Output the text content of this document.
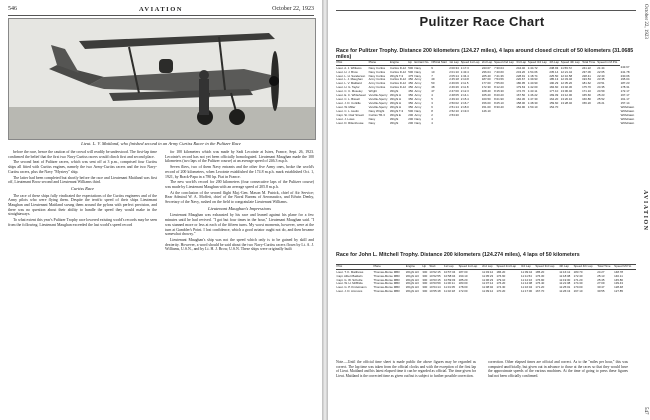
546	AVIATION	October 22, 1923
Lieut. L. V. Maitland, who finished second in an Army Curtiss Racer in the Pulitzer Race

before the race, hence the caution of the crowd will readily be understood. The first-lap time confirmed the belief that the first two Navy Curtiss racers would clinch first and second place.

The second heat of Pulitzer racers, which was sent off at 3 p.m., comprised four Curtiss ships all fitted with Curtiss engines, namely the two Army-Curtiss racers and the two Navy-Curtiss racers, plus the Navy "Mystery" ship.

The latter had been completed but shortly before the race and Lieutenant Maitland was first off, Lieutenant Brow second and Lieutenant Williams third.

Curtiss Race

The race of these ships fully vindicated the expectations of the Curtiss engineers and of the Army pilots who were flying them. Despite the terrific speed of their ships Lieutenant Maughan and Lieutenant Maitland swung them around the pylons with perfect precision, and there was no question about their ability to handle the speed they would make in the straightaways.

To what extent this year's Pulitzer Trophy race lowered existing world's records may be seen from the following. Lieutenant Maughan exceeded the last world's speed record

for 100 kilometers which was made by Sadi Lecointe at Istres, France, Sept. 26, 1923. Lecointe's record has not yet been officially homologated. Lieutenant Maughan made the 100 kilometers (two laps of the Pulitzer course) at an average speed of 246.3 m.p.h.

Seven fliers, two of them Navy entrants and the other five Army ones, broke the world's record of 200 kilometers, when Lecointe established the 174.8 m.p.h. mark established Oct. 1, 1921, by Brack-Papa in a 780 hp. Fiat in France.

The new world's record for 200 kilometers (four consecutive laps of the Pulitzer course) was made by Lieutenant Maughan with an average speed of 205.8 m.p.h.

At the conclusion of the second flight Maj.-Gen. Mason M. Patrick, chief of Air Service; Rear Admiral W. A. Moffett, chief of the Naval Bureau of Aeronautics, and Edwin Denby, Secretary of the Navy, rushed on the field to congratulate Lieutenant Williams.

Lieutenant Maughan's Impressions

Lieutenant Maughan was exhausted by his race and leaned against his plane for a few minutes until he had revived. "I got but four times in the hour," Lieutenant Maughan said. "I was stunned more or less at each of the fifteen turns. My worst moments, however, were at the turn at Gambler's Point. I lost confidence, which a good aviator ought not do, and then became somewhat drowsy."

Lieutenant Maughan's ship was not the speed which only is to be gained by skill and dexterity. However, a word should be said about the two Navy-Curtiss racers flown by Lt. A. J. Williams, U.S.N., and by Lt. H. J. Brow, U.S.N. These ships were originally built

October 22, 1923
AVIATION
547
Pulitzer Race Chart
Race for Pulitzer Trophy. Distance 200 kilometers (124.27 miles), 4 laps around closed circuit of 50 kilometers (31.0685 miles)
Pilot	Plane	Engine	Hp	Entrant No.	Official Start	1st Lap	Speed 1st Lap	2nd Lap	Speed 2nd Lap	3rd Lap	Speed 3rd Lap	4th Lap	Speed 4th Lap	Total Time	Speed in M.P.H.	
Lieut. A. J. Williams	Navy Curtiss	Curtiss D-12	500	Navy	9	2:00:34	1:17.3	243.07	7:30.04	244.40	1:44.72	238.93	11:59.72	241.22	21:44	243.67
Lieut. H. J. Brow	Navy Curtiss	Curtiss D-12	500	Navy	10	2:01:10	1:43.4	236.04	7:40.60	243.20	1:54.06	235.14	12:21.42	237.06	22:05	241.78
Lieut. L. H. Sanderson	Navy Curtiss	Wright T-3	475	Navy	7	2:05:14	1:34.4	225.40	7:41.36	228.91	1:18.74	225.50	12:10.58	228.41	22:40	230.06
Lieut. L. J. Maughan	Army Curtiss	Curtiss D-12	450	Army	49	2:45:18	2:10.8	187.00	7:54.56	220.67	1:39.93	185.13	12:33.46	193.53	23:35	195.04
Lieut. L. V. Maitland	Army Curtiss	Curtiss D-12	450	Army	50	2:46:06	2:11.5	177.00	7:55.60	180.95	1:40.90	190.29	12:35.20	181.62	23:51	187.23
Lieut. H. G. Taylor	Army Curtiss	Curtiss D-12	450	Army	48	2:46:26	2:11.8	172.30	8:12.20	179.63	1:42.00	184.60	13:02.30	175.70	24:35	178.31
Lieut. C. C. Moseley	Wright	Wright	450	Army	47	2:47:00	2:12.3	168.40	8:15.30	172.70	1:43.11	177.10	13:06.40	171.10	24:59	172.17
Lieut. E. C. Whitehead	Verville-Sperry	Wright H	350	Army	4	2:48:05	2:14.1	165.20	8:20.20	167.50	1:46.22	169.09	13:12.00	165.60	25:23	167.17
Lieut. C. L. Bissell	Verville-Sperry	Wright H	350	Army	5	2:49:10	2:15.4	160.50	8:21.90	162.30	1:47.30	164.20	13:20.10	160.80	25:52	161.17
Lieut. J. D. Corkille	Verville-Sperry	Wright H	350	Army	3	2:50:02	2:16.7	156.00	8:25.10	158.00	1:48.30	159.60	13:28.40	156.20	26:21	157.14
Lieut. W. Miller	Verville-Sperry	Wright H	350	Army	6	2:51:14	2:18.0	151.00	8:30.40	152.90	1:50.10	154.70				Withdrawn
Lieut. C. L. Hedin	Navy Wright	Wright T-3	500	Navy	8	2:52:10	2:19.3	146.10								Withdrawn
Capt. St. Clair Streett	Curtiss TR-3	Wright E	200	Army	2	2:53:20										Withdrawn
Lieut. J. Lutes	Navy	Wright	200	Navy	4											Withdrawn
Lieut. D. Rittenhouse	Navy	Wright	200	Navy	4											Withdrawn
Race for John L. Mitchell Trophy. Distance 200 kilometers (124.274 miles), 4 laps of 50 kilometers
Pilot	Plane	Engine	Hp	Start	1st Lap	Speed 1st Lap	2nd Lap	Speed 2nd Lap	3rd Lap	Speed 3rd Lap	4th Lap	Speed 4th Lap	Total Time	Speed M.P.H.
Lieut. T. K. Matthews	Thomas-Morse MB3	Wright H3	300	10:52:15	10:57:34	187.00	11:03:12	186.20	11:09:44	185.20	11:16:12	183.70	24:27	148.78
Capt. Albert Baldwin	Thomas-Morse MB3	Wright H3	300	10:52:55	10:58:04	190.10	11:05:23	176.60	11:11:54	176.30	11:18:08	172.40	25:13	146.11
Capt. G. W. Schulze	Thomas-Morse MB3	Wright H3	300	10:53:15	10:59:03	185.20	11:06:23	179.10	11:12:16	176.90	11:19:00	171.20	25:45	145.80
Lieut. W. H. McBride	Thomas-Morse MB3	Wright H3	300	10:53:59	11:00:11	183.00	11:07:14	176.20	11:14:08	176.40	11:21:08	174.30	27:09	139.43
Lieut. G. P. Kinzelmann	Thomas-Morse MB3	Wright H3	300	10:54:14	11:01:05	178.00	11:08:02	174.30	11:16:04	171.20	11:25:01	170.00	30:47	128.48
Lieut. J. D. Ammons	Thomas-Morse MB3	Wright H3	300	10:55:18	11:02:18	172.00	11:09:12	170.20	11:17:00	167.70	11:26:13	167.10	30:55	127.85
Note.—Until the official time sheet is made public the above figures may be regarded as correct. The lap time was taken from the official clocks and with the exception of the first lap of Lieut. Maitland and his latest elapsed time it can be regarded as official. The time given for Lieut. Maitland is the corrected time as given out but is subject to further possible correction.
correction. Other elapsed times are official and correct. As to the "miles per hour," this was computed unofficially, but given out in advance to those at the races so that they would have the approximate speeds of the various machines. At the time of going to press these figures had not been officially confirmed.
